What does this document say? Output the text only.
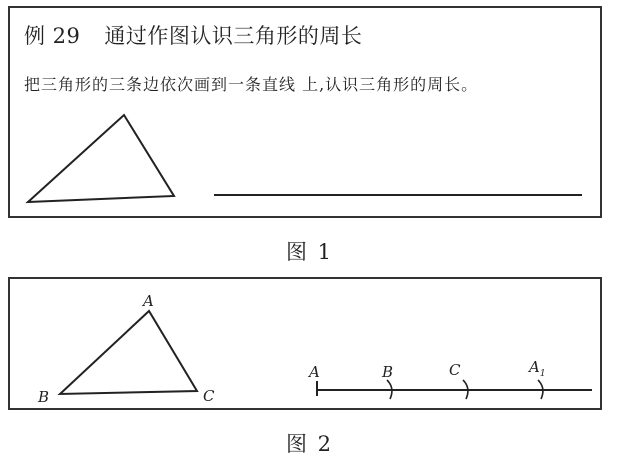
例 29 通过作图认识三角形的周长
把三角形的三条边依次画到一条直线 上,认识三角形的周长。
图 1
A
B	C
A	B	C	$A_1$
图 2
